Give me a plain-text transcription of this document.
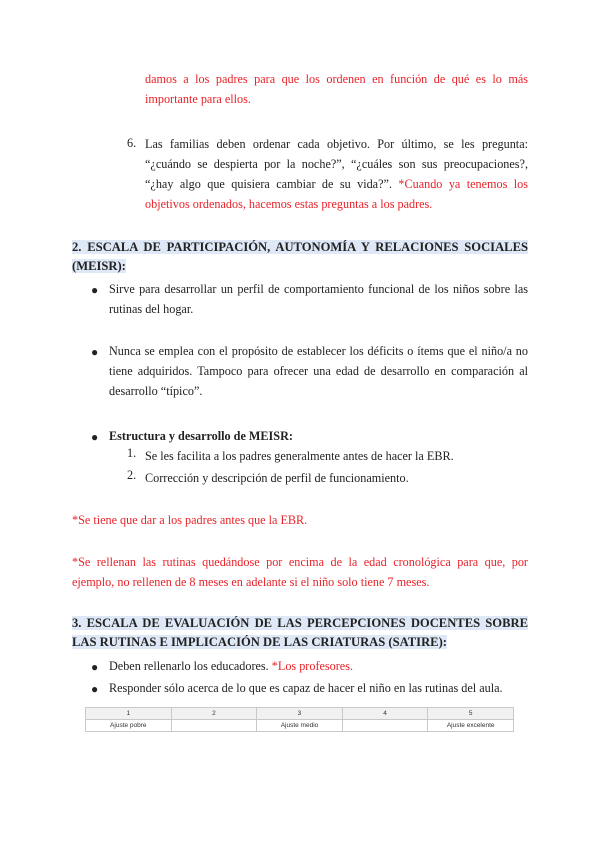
damos a los padres para que los ordenen en función de qué es lo más importante para ellos.
6. Las familias deben ordenar cada objetivo. Por último, se les pregunta: “¿cuándo se despierta por la noche?”, “¿cuáles son sus preocupaciones?, “¿hay algo que quisiera cambiar de su vida?”. *Cuando ya tenemos los objetivos ordenados, hacemos estas preguntas a los padres.
2. ESCALA DE PARTICIPACIÓN, AUTONOMÍA Y RELACIONES SOCIALES (MEISR):
● Sirve para desarrollar un perfil de comportamiento funcional de los niños sobre las rutinas del hogar.
● Nunca se emplea con el propósito de establecer los déficits o ítems que el niño/a no tiene adquiridos. Tampoco para ofrecer una edad de desarrollo en comparación al desarrollo “típico”.
● Estructura y desarrollo de MEISR:
1. Se les facilita a los padres generalmente antes de hacer la EBR.
2. Corrección y descripción de perfil de funcionamiento.
*Se tiene que dar a los padres antes que la EBR.
*Se rellenan las rutinas quedándose por encima de la edad cronológica para que, por ejemplo, no rellenen de 8 meses en adelante si el niño solo tiene 7 meses.
3. ESCALA DE EVALUACIÓN DE LAS PERCEPCIONES DOCENTES SOBRE LAS RUTINAS E IMPLICACIÓN DE LAS CRIATURAS (SATIRE):
● Deben rellenarlo los educadores. *Los profesores.
● Responder sólo acerca de lo que es capaz de hacer el niño en las rutinas del aula.
1	2	3	4	5
Ajuste pobre		Ajuste medio		Ajuste excelente
